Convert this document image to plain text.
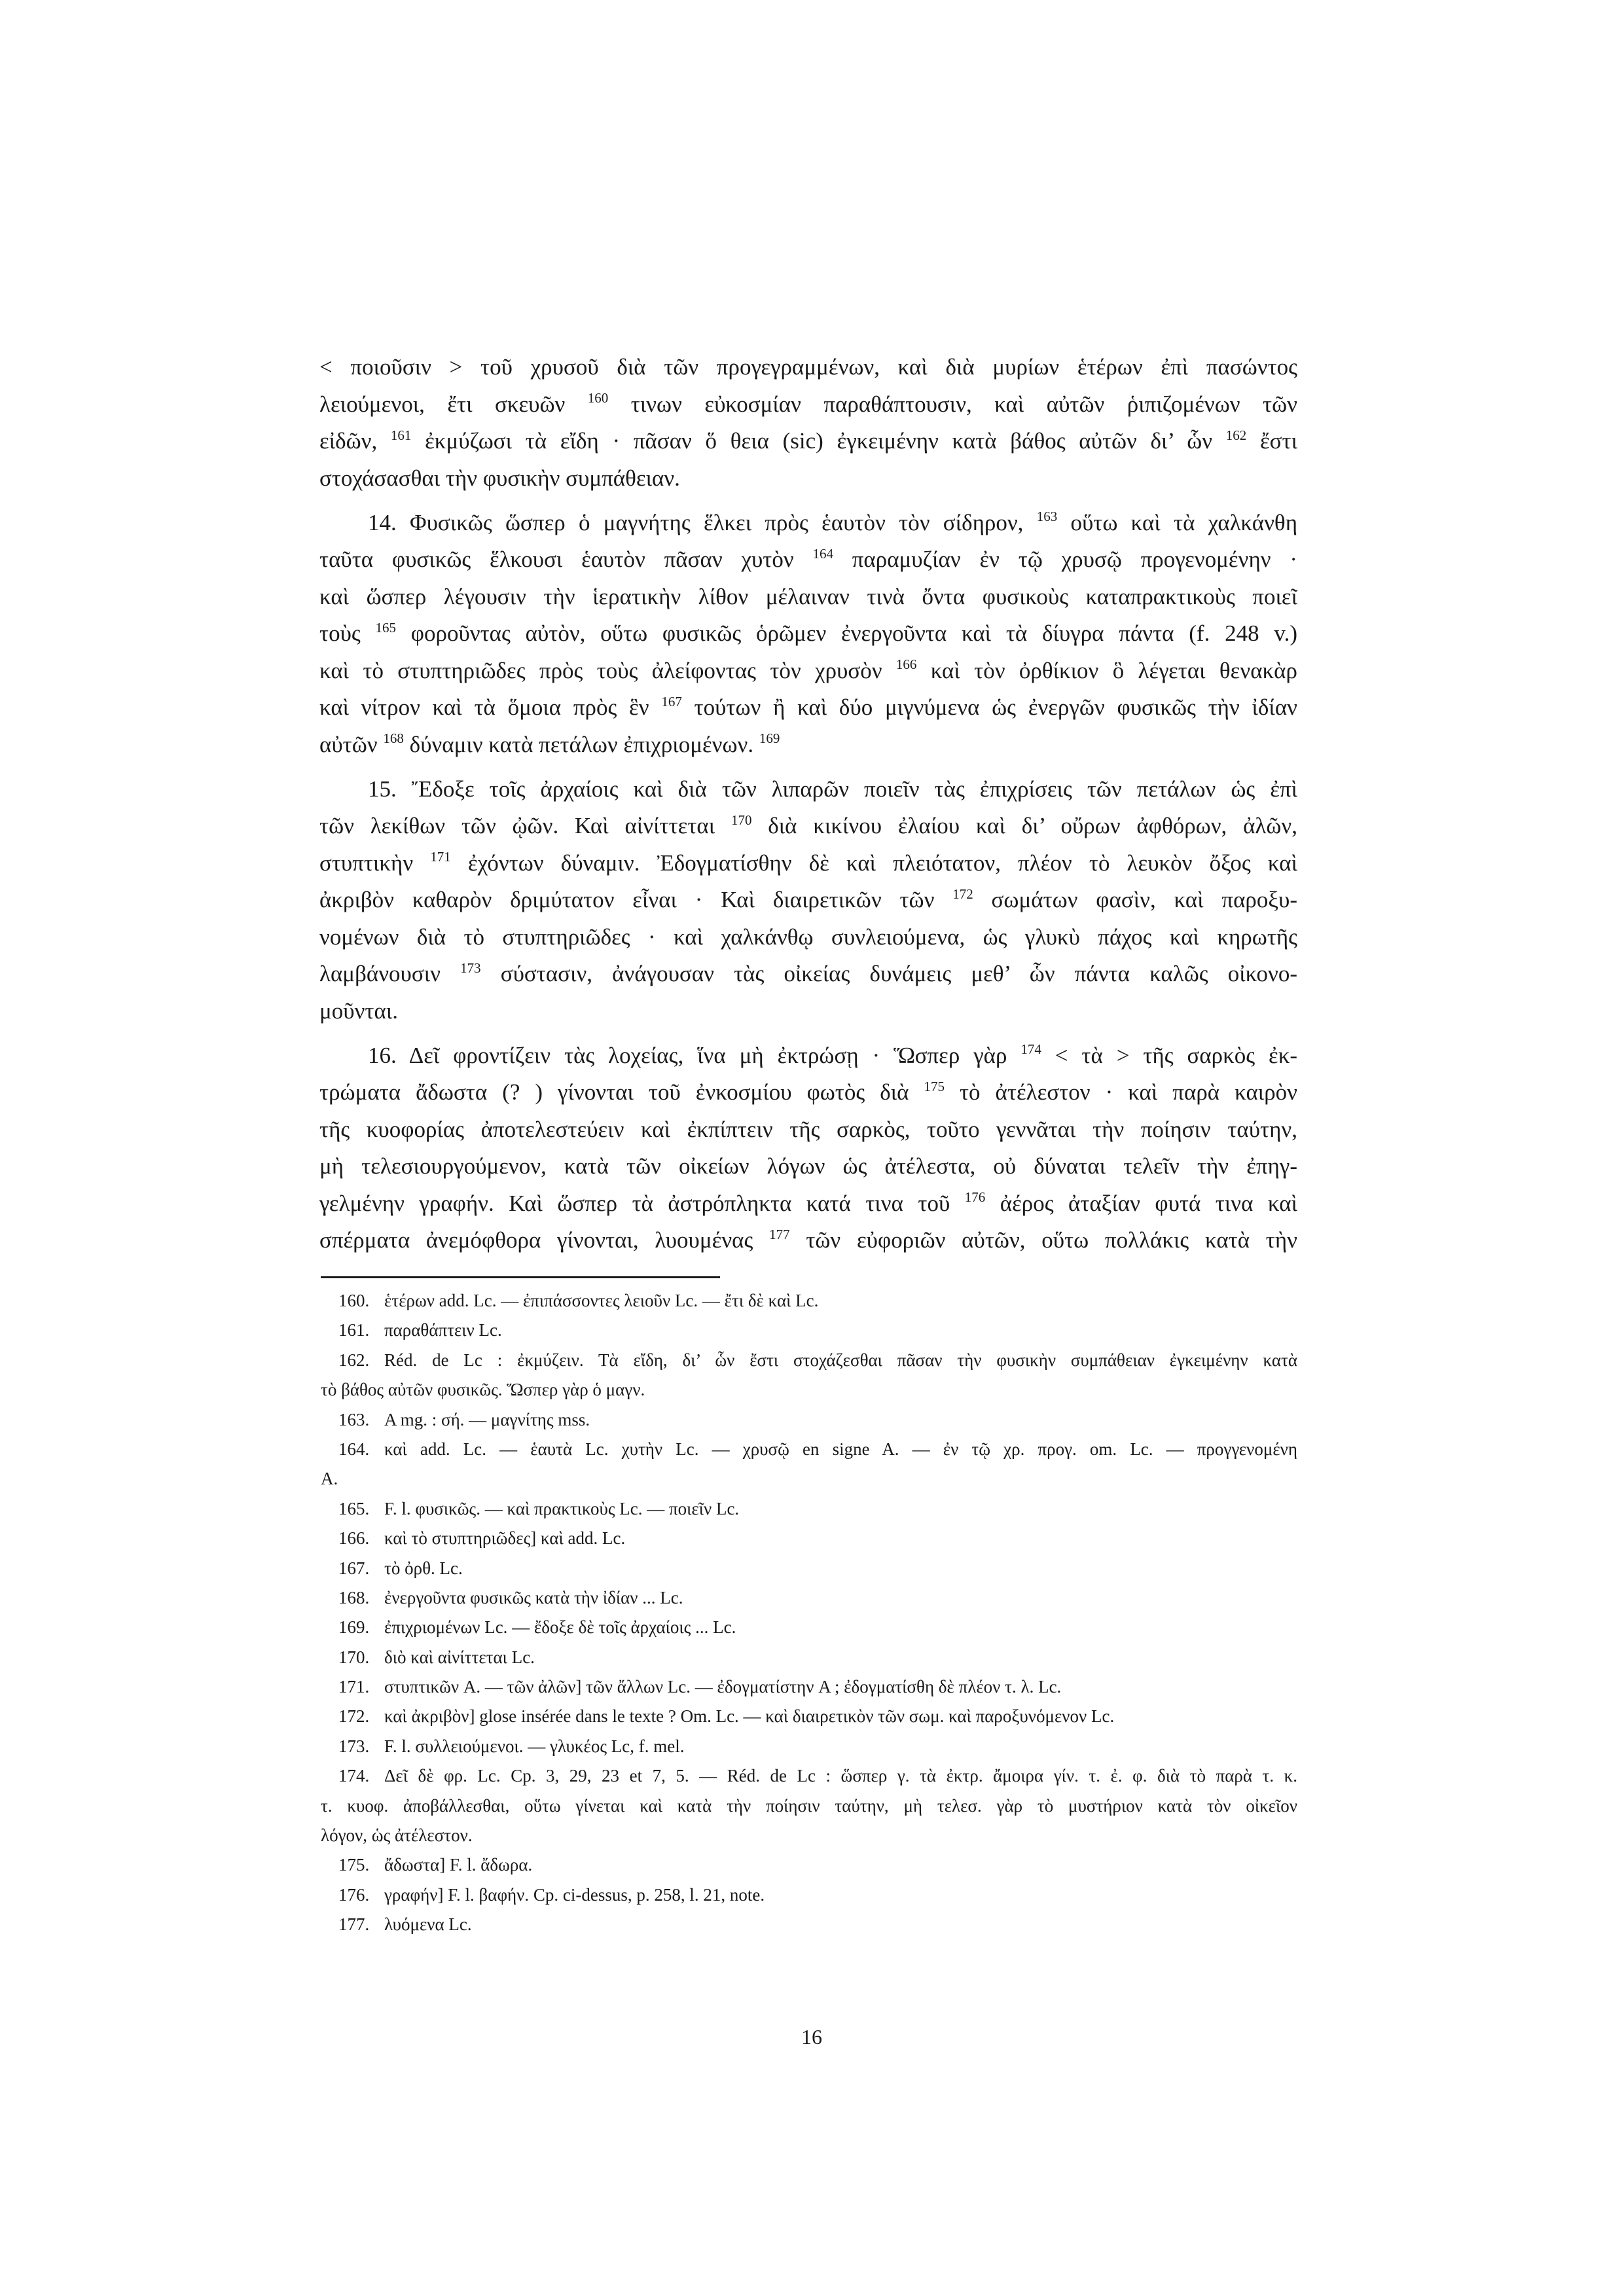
< ποιοῦσιν > τοῦ χρυσοῦ διὰ τῶν προγεγραμμένων, καὶ διὰ μυρίων ἑτέρων ἐπὶ πασώντος
λειούμενοι, ἔτι σκευῶν $^{160}$ τινων εὐκοσμίαν παραθάπτουσιν, καὶ αὐτῶν ῥιπιζομένων τῶν
εἰδῶν, $^{161}$ ἐκμύζωσι τὰ εἴδη · πᾶσαν ὅ θεια (sic) ἐγκειμένην κατὰ βάθος αὐτῶν δι’ ὧν $^{162}$ ἔστι
στοχάσασθαι τὴν φυσικὴν συμπάθειαν.
14. Φυσικῶς ὥσπερ ὁ μαγνήτης ἕλκει πρὸς ἑαυτὸν τὸν σίδηρον, $^{163}$ οὕτω καὶ τὰ χαλκάνθη
ταῦτα φυσικῶς ἕλκουσι ἑαυτὸν πᾶσαν χυτὸν $^{164}$ παραμυζίαν ἐν τῷ χρυσῷ προγενομένην ·
καὶ ὥσπερ λέγουσιν τὴν ἱερατικὴν λίθον μέλαιναν τινὰ ὄντα φυσικοὺς καταπρακτικοὺς ποιεῖ
τοὺς $^{165}$ φοροῦντας αὐτὸν, οὕτω φυσικῶς ὁρῶμεν ἐνεργοῦντα καὶ τὰ δίυγρα πάντα (f. 248 v.)
καὶ τὸ στυπτηριῶδες πρὸς τοὺς ἀλείφοντας τὸν χρυσὸν $^{166}$ καὶ τὸν ὀρθίκιον ὃ λέγεται θενακὰρ
καὶ νίτρον καὶ τὰ ὅμοια πρὸς ἓν $^{167}$ τούτων ἢ καὶ δύο μιγνύμενα ὡς ἐνεργῶν φυσικῶς τὴν ἰδίαν
αὐτῶν $^{168}$ δύναμιν κατὰ πετάλων ἐπιχριομένων. $^{169}$
15. Ἔδοξε τοῖς ἀρχαίοις καὶ διὰ τῶν λιπαρῶν ποιεῖν τὰς ἐπιχρίσεις τῶν πετάλων ὡς ἐπὶ
τῶν λεκίθων τῶν ᾠῶν. Καὶ αἰνίττεται $^{170}$ διὰ κικίνου ἐλαίου καὶ δι’ οὔρων ἀφθόρων, ἀλῶν,
στυπτικὴν $^{171}$ ἐχόντων δύναμιν. Ἐδογματίσθην δὲ καὶ πλειότατον, πλέον τὸ λευκὸν ὄξος καὶ
ἀκριβὸν καθαρὸν δριμύτατον εἶναι · Καὶ διαιρετικῶν τῶν $^{172}$ σωμάτων φασὶν, καὶ παροξυ-
νομένων διὰ τὸ στυπτηριῶδες · καὶ χαλκάνθῳ συνλειούμενα, ὡς γλυκὺ πάχος καὶ κηρωτῆς
λαμβάνουσιν $^{173}$ σύστασιν, ἀνάγουσαν τὰς οἰκείας δυνάμεις μεθ’ ὧν πάντα καλῶς οἰκονο-
μοῦνται.
16. Δεῖ φροντίζειν τὰς λοχείας, ἵνα μὴ ἐκτρώσῃ · Ὥσπερ γὰρ $^{174}$ < τὰ > τῆς σαρκὸς ἐκ-
τρώματα ἄδωστα (? ) γίνονται τοῦ ἐνκοσμίου φωτὸς διὰ $^{175}$ τὸ ἀτέλεστον · καὶ παρὰ καιρὸν
τῆς κυοφορίας ἀποτελεστεύειν καὶ ἐκπίπτειν τῆς σαρκὸς, τοῦτο γεννᾶται τὴν ποίησιν ταύτην,
μὴ τελεσιουργούμενον, κατὰ τῶν οἰκείων λόγων ὡς ἀτέλεστα, οὐ δύναται τελεῖν τὴν ἐπηγ-
γελμένην γραφήν. Καὶ ὥσπερ τὰ ἀστρόπληκτα κατά τινα τοῦ $^{176}$ ἀέρος ἀταξίαν φυτά τινα καὶ
σπέρματα ἀνεμόφθορα γίνονται, λυουμένας $^{177}$ τῶν εὐφοριῶν αὐτῶν, οὕτω πολλάκις κατὰ τὴν
160. ἑτέρων add. Lc. — ἐπιπάσσοντες λειοῦν Lc. — ἔτι δὲ καὶ Lc.
161. παραθάπτειν Lc.
162. Réd. de Lc : ἐκμύζειν. Τὰ εἴδη, δι’ ὧν ἔστι στοχάζεσθαι πᾶσαν τὴν φυσικὴν συμπάθειαν ἐγκειμένην κατὰ
τὸ βάθος αὐτῶν φυσικῶς. Ὥσπερ γὰρ ὁ μαγν.
163. A mg. : σή. — μαγνίτης mss.
164. καὶ add. Lc. — ἑαυτὰ Lc. χυτὴν Lc. — χρυσῷ en signe A. — ἐν τῷ χρ. προγ. om. Lc. — προγγενομένη
A.
165. F. l. φυσικῶς. — καὶ πρακτικοὺς Lc. — ποιεῖν Lc.
166. καὶ τὸ στυπτηριῶδες] καὶ add. Lc.
167. τὸ ὀρθ. Lc.
168. ἐνεργοῦντα φυσικῶς κατὰ τὴν ἰδίαν ... Lc.
169. ἐπιχριομένων Lc. — ἔδοξε δὲ τοῖς ἀρχαίοις ... Lc.
170. διὸ καὶ αἰνίττεται Lc.
171. στυπτικῶν A. — τῶν ἀλῶν] τῶν ἄλλων Lc. — ἐδογματίστην A ; ἐδογματίσθη δὲ πλέον τ. λ. Lc.
172. καὶ ἀκριβὸν] glose insérée dans le texte ? Om. Lc. — καὶ διαιρετικὸν τῶν σωμ. καὶ παροξυνόμενον Lc.
173. F. l. συλλειούμενοι. — γλυκέος Lc, f. mel.
174. Δεῖ δὲ φρ. Lc. Cp. 3, 29, 23 et 7, 5. — Réd. de Lc : ὥσπερ γ. τὰ ἐκτρ. ἄμοιρα γίν. τ. ἐ. φ. διὰ τὸ παρὰ τ. κ.
τ. κυοφ. ἀποβάλλεσθαι, οὕτω γίνεται καὶ κατὰ τὴν ποίησιν ταύτην, μὴ τελεσ. γὰρ τὸ μυστήριον κατὰ τὸν οἰκεῖον
λόγον, ὡς ἀτέλεστον.
175. ἄδωστα] F. l. ἄδωρα.
176. γραφήν] F. l. βαφήν. Cp. ci-dessus, p. 258, l. 21, note.
177. λυόμενα Lc.
16
